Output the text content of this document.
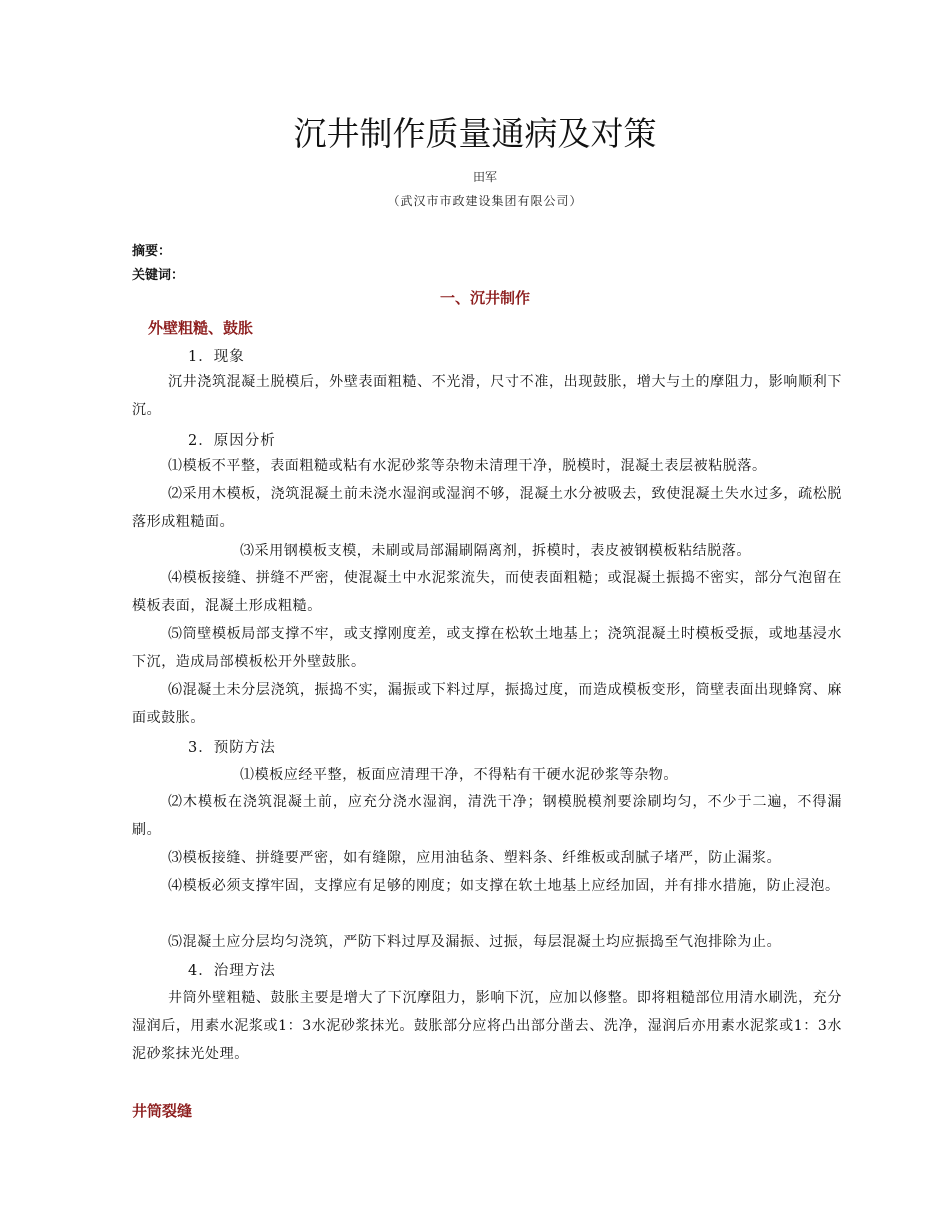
沉井制作质量通病及对策
田军
（武汉市市政建设集团有限公司）
摘要：
关键词：
一、沉井制作
外壁粗糙、鼓胀
1．现象

沉井浇筑混凝土脱模后，外壁表面粗糙、不光滑，尺寸不准，出现鼓胀，增大与土的摩阻力，影响顺利下沉。

2．原因分析

⑴模板不平整，表面粗糙或粘有水泥砂浆等杂物未清理干净，脱模时，混凝土表层被粘脱落。

⑵采用木模板，浇筑混凝土前未浇水湿润或湿润不够，混凝土水分被吸去，致使混凝土失水过多，疏松脱落形成粗糙面。

⑶采用钢模板支模，未刷或局部漏刷隔离剂，拆模时，表皮被钢模板粘结脱落。

⑷模板接缝、拼缝不严密，使混凝土中水泥浆流失，而使表面粗糙；或混凝土振捣不密实，部分气泡留在模板表面，混凝土形成粗糙。

⑸筒壁模板局部支撑不牢，或支撑刚度差，或支撑在松软土地基上；浇筑混凝土时模板受振，或地基浸水下沉，造成局部模板松开外壁鼓胀。

⑹混凝土未分层浇筑，振捣不实，漏振或下料过厚，振捣过度，而造成模板变形，筒壁表面出现蜂窝、麻面或鼓胀。

3．预防方法
⑴模板应经平整，板面应清理干净，不得粘有干硬水泥砂浆等杂物。

⑵木模板在浇筑混凝土前，应充分浇水湿润，清洗干净；钢模脱模剂要涂刷均匀，不少于二遍，不得漏刷。

⑶模板接缝、拼缝要严密，如有缝隙，应用油毡条、塑料条、纤维板或刮腻子堵严，防止漏浆。

⑷模板必须支撑牢固，支撑应有足够的刚度；如支撑在软土地基上应经加固，并有排水措施，防止浸泡。

⑸混凝土应分层均匀浇筑，严防下料过厚及漏振、过振，每层混凝土均应振捣至气泡排除为止。

4．治理方法

井筒外壁粗糙、鼓胀主要是增大了下沉摩阻力，影响下沉，应加以修整。即将粗糙部位用清水刷洗，充分湿润后，用素水泥浆或1：3水泥砂浆抹光。鼓胀部分应将凸出部分凿去、洗净，湿润后亦用素水泥浆或1：3水泥砂浆抹光处理。

井筒裂缝
